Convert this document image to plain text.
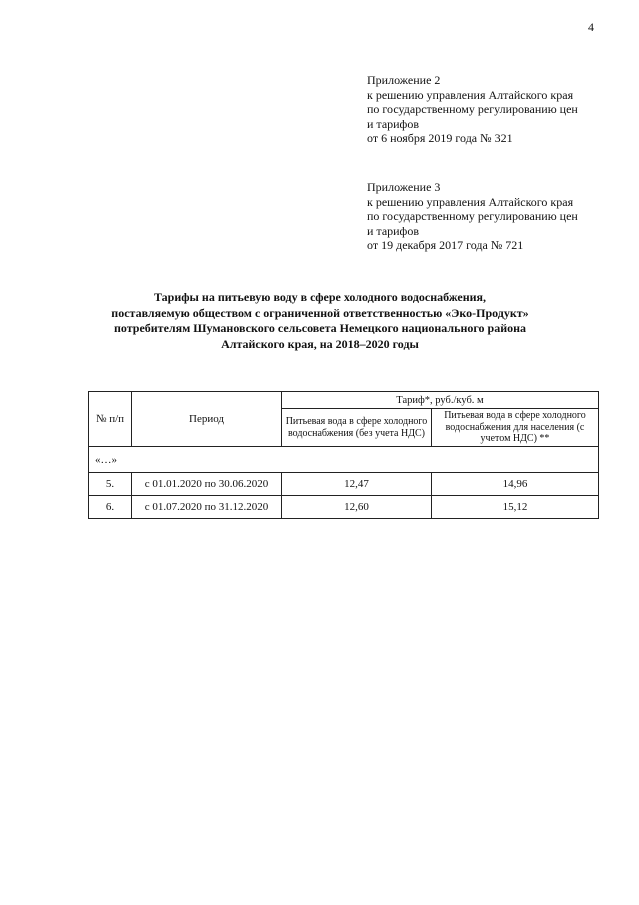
4
Приложение 2
к решению управления Алтайского края
по государственному регулированию цен
и тарифов
от 6 ноября 2019 года № 321
Приложение 3
к решению управления Алтайского края
по государственному регулированию цен
и тарифов
от 19 декабря 2017 года № 721
Тарифы на питьевую воду в сфере холодного водоснабжения,
поставляемую обществом с ограниченной ответственностью «Эко-Продукт»
потребителям Шумановского сельсовета Немецкого национального района
Алтайского края, на 2018–2020 годы
№ п/п	Период	Тариф*, руб./куб. м	
		Питьевая вода в сфере холодного водоснабжения (без учета НДС)	Питьевая вода в сфере холодного водоснабжения для населения (с учетом НДС) **
«…»			
5.	с 01.01.2020 по 30.06.2020	12,47	14,96
6.	с 01.07.2020 по 31.12.2020	12,60	15,12
